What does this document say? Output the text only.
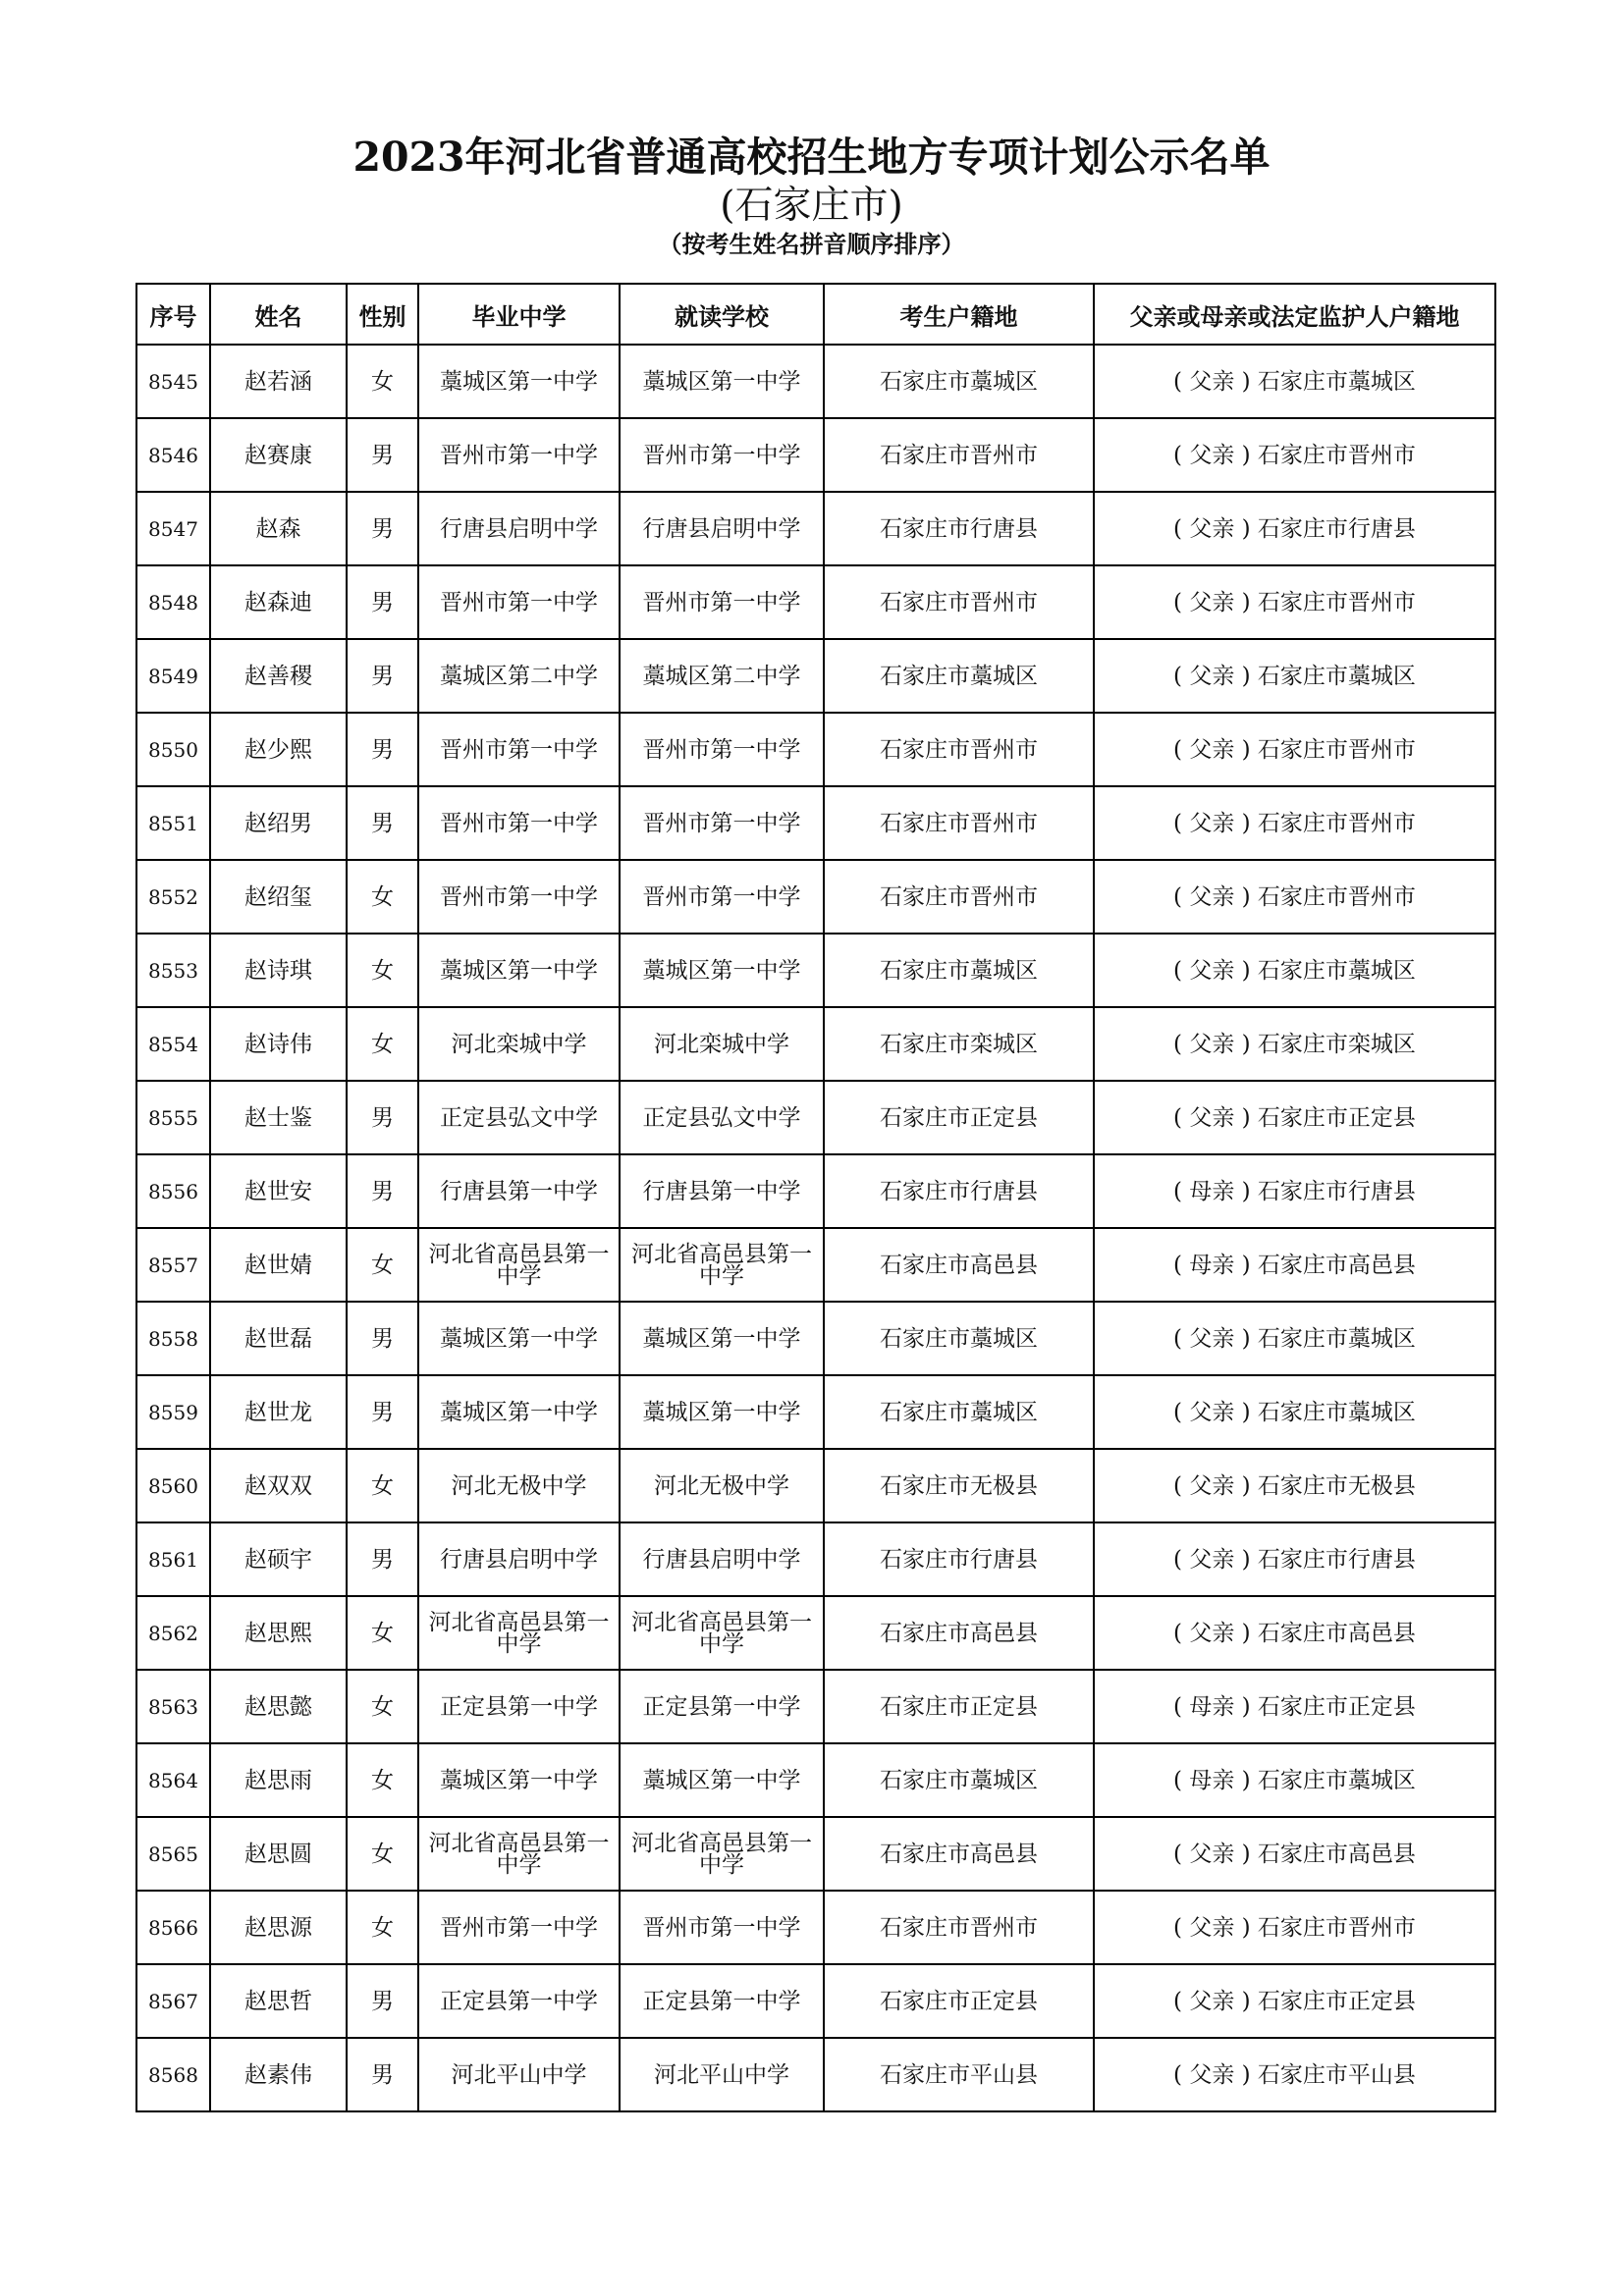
2023年河北省普通高校招生地方专项计划公示名单
(石家庄市)
（按考生姓名拼音顺序排序）
序号	姓名	性别	毕业中学	就读学校	考生户籍地	父亲或母亲或法定监护人户籍地
8545	赵若涵	女	藁城区第一中学	藁城区第一中学	石家庄市藁城区	( 父亲 ) 石家庄市藁城区
8546	赵赛康	男	晋州市第一中学	晋州市第一中学	石家庄市晋州市	( 父亲 ) 石家庄市晋州市
8547	赵森	男	行唐县启明中学	行唐县启明中学	石家庄市行唐县	( 父亲 ) 石家庄市行唐县
8548	赵森迪	男	晋州市第一中学	晋州市第一中学	石家庄市晋州市	( 父亲 ) 石家庄市晋州市
8549	赵善稷	男	藁城区第二中学	藁城区第二中学	石家庄市藁城区	( 父亲 ) 石家庄市藁城区
8550	赵少熙	男	晋州市第一中学	晋州市第一中学	石家庄市晋州市	( 父亲 ) 石家庄市晋州市
8551	赵绍男	男	晋州市第一中学	晋州市第一中学	石家庄市晋州市	( 父亲 ) 石家庄市晋州市
8552	赵绍玺	女	晋州市第一中学	晋州市第一中学	石家庄市晋州市	( 父亲 ) 石家庄市晋州市
8553	赵诗琪	女	藁城区第一中学	藁城区第一中学	石家庄市藁城区	( 父亲 ) 石家庄市藁城区
8554	赵诗伟	女	河北栾城中学	河北栾城中学	石家庄市栾城区	( 父亲 ) 石家庄市栾城区
8555	赵士鉴	男	正定县弘文中学	正定县弘文中学	石家庄市正定县	( 父亲 ) 石家庄市正定县
8556	赵世安	男	行唐县第一中学	行唐县第一中学	石家庄市行唐县	( 母亲 ) 石家庄市行唐县
8557	赵世婧	女	河北省高邑县第一中学	河北省高邑县第一中学	石家庄市高邑县	( 母亲 ) 石家庄市高邑县
8558	赵世磊	男	藁城区第一中学	藁城区第一中学	石家庄市藁城区	( 父亲 ) 石家庄市藁城区
8559	赵世龙	男	藁城区第一中学	藁城区第一中学	石家庄市藁城区	( 父亲 ) 石家庄市藁城区
8560	赵双双	女	河北无极中学	河北无极中学	石家庄市无极县	( 父亲 ) 石家庄市无极县
8561	赵硕宇	男	行唐县启明中学	行唐县启明中学	石家庄市行唐县	( 父亲 ) 石家庄市行唐县
8562	赵思熙	女	河北省高邑县第一中学	河北省高邑县第一中学	石家庄市高邑县	( 父亲 ) 石家庄市高邑县
8563	赵思懿	女	正定县第一中学	正定县第一中学	石家庄市正定县	( 母亲 ) 石家庄市正定县
8564	赵思雨	女	藁城区第一中学	藁城区第一中学	石家庄市藁城区	( 母亲 ) 石家庄市藁城区
8565	赵思圆	女	河北省高邑县第一中学	河北省高邑县第一中学	石家庄市高邑县	( 父亲 ) 石家庄市高邑县
8566	赵思源	女	晋州市第一中学	晋州市第一中学	石家庄市晋州市	( 父亲 ) 石家庄市晋州市
8567	赵思哲	男	正定县第一中学	正定县第一中学	石家庄市正定县	( 父亲 ) 石家庄市正定县
8568	赵素伟	男	河北平山中学	河北平山中学	石家庄市平山县	( 父亲 ) 石家庄市平山县
